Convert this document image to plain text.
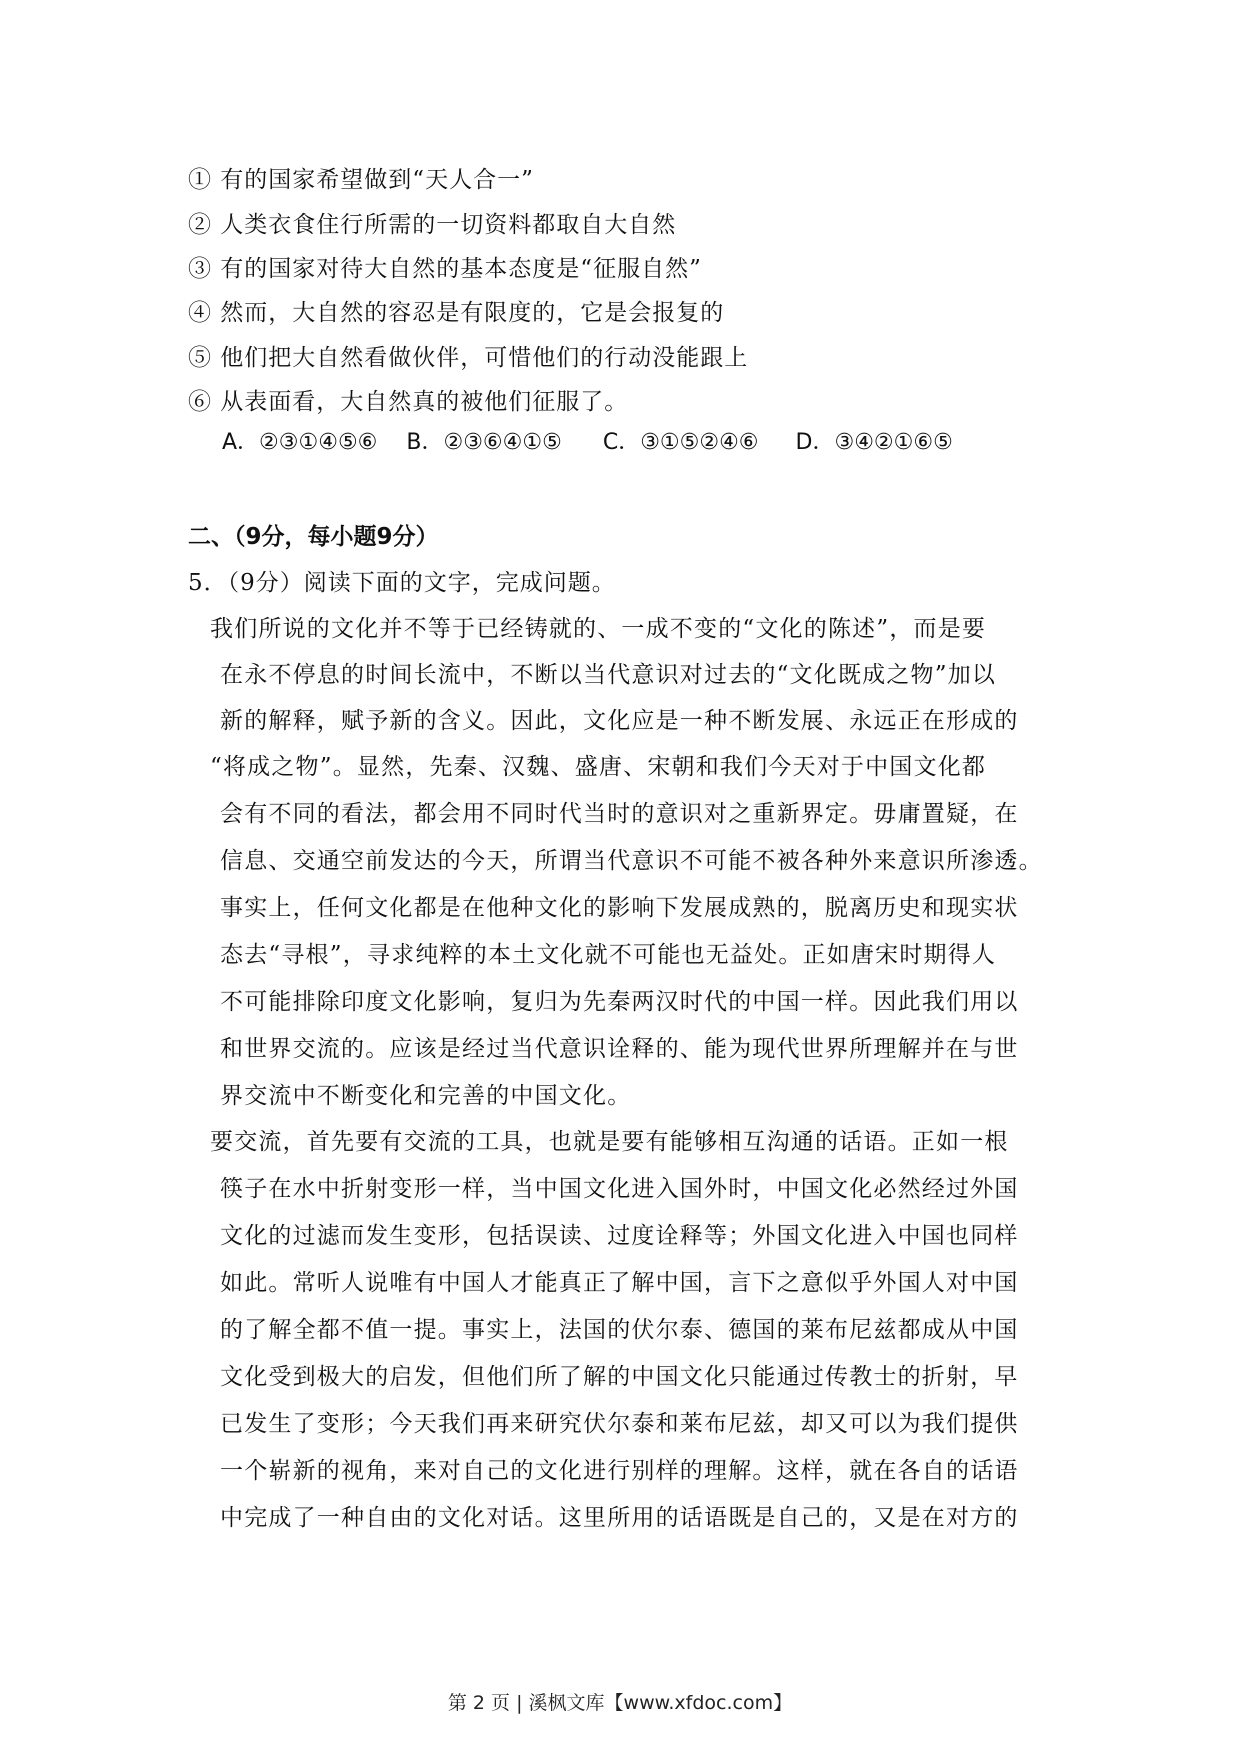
① 有的国家希望做到“天人合一”
② 人类衣食住行所需的一切资料都取自大自然
③ 有的国家对待大自然的基本态度是“征服自然”
④ 然而，大自然的容忍是有限度的，它是会报复的
⑤ 他们把大自然看做伙伴，可惜他们的行动没能跟上
⑥ 从表面看，大自然真的被他们征服了。
A．②③①④⑤⑥ B．②③⑥④①⑤ C．③①⑤②④⑥ D．③④②①⑥⑤
二、（9分，每小题9分）
5．（9分）阅读下面的文字，完成问题。
我们所说的文化并不等于已经铸就的、一成不变的“文化的陈述”，而是要
在永不停息的时间长流中，不断以当代意识对过去的“文化既成之物”加以
新的解释，赋予新的含义。因此，文化应是一种不断发展、永远正在形成的
“将成之物”。显然，先秦、汉魏、盛唐、宋朝和我们今天对于中国文化都
会有不同的看法，都会用不同时代当时的意识对之重新界定。毋庸置疑，在
信息、交通空前发达的今天，所谓当代意识不可能不被各种外来意识所渗透。
事实上，任何文化都是在他种文化的影响下发展成熟的，脱离历史和现实状
态去“寻根”，寻求纯粹的本土文化就不可能也无益处。正如唐宋时期得人
不可能排除印度文化影响，复归为先秦两汉时代的中国一样。因此我们用以
和世界交流的。应该是经过当代意识诠释的、能为现代世界所理解并在与世
界交流中不断变化和完善的中国文化。
要交流，首先要有交流的工具，也就是要有能够相互沟通的话语。正如一根
筷子在水中折射变形一样，当中国文化进入国外时，中国文化必然经过外国
文化的过滤而发生变形，包括误读、过度诠释等；外国文化进入中国也同样
如此。常听人说唯有中国人才能真正了解中国，言下之意似乎外国人对中国
的了解全都不值一提。事实上，法国的伏尔泰、德国的莱布尼兹都成从中国
文化受到极大的启发，但他们所了解的中国文化只能通过传教士的折射，早
已发生了变形；今天我们再来研究伏尔泰和莱布尼兹，却又可以为我们提供
一个崭新的视角，来对自己的文化进行别样的理解。这样，就在各自的话语
中完成了一种自由的文化对话。这里所用的话语既是自己的，又是在对方的
第 2 页 | 溪枫文库【www.xfdoc.com】
